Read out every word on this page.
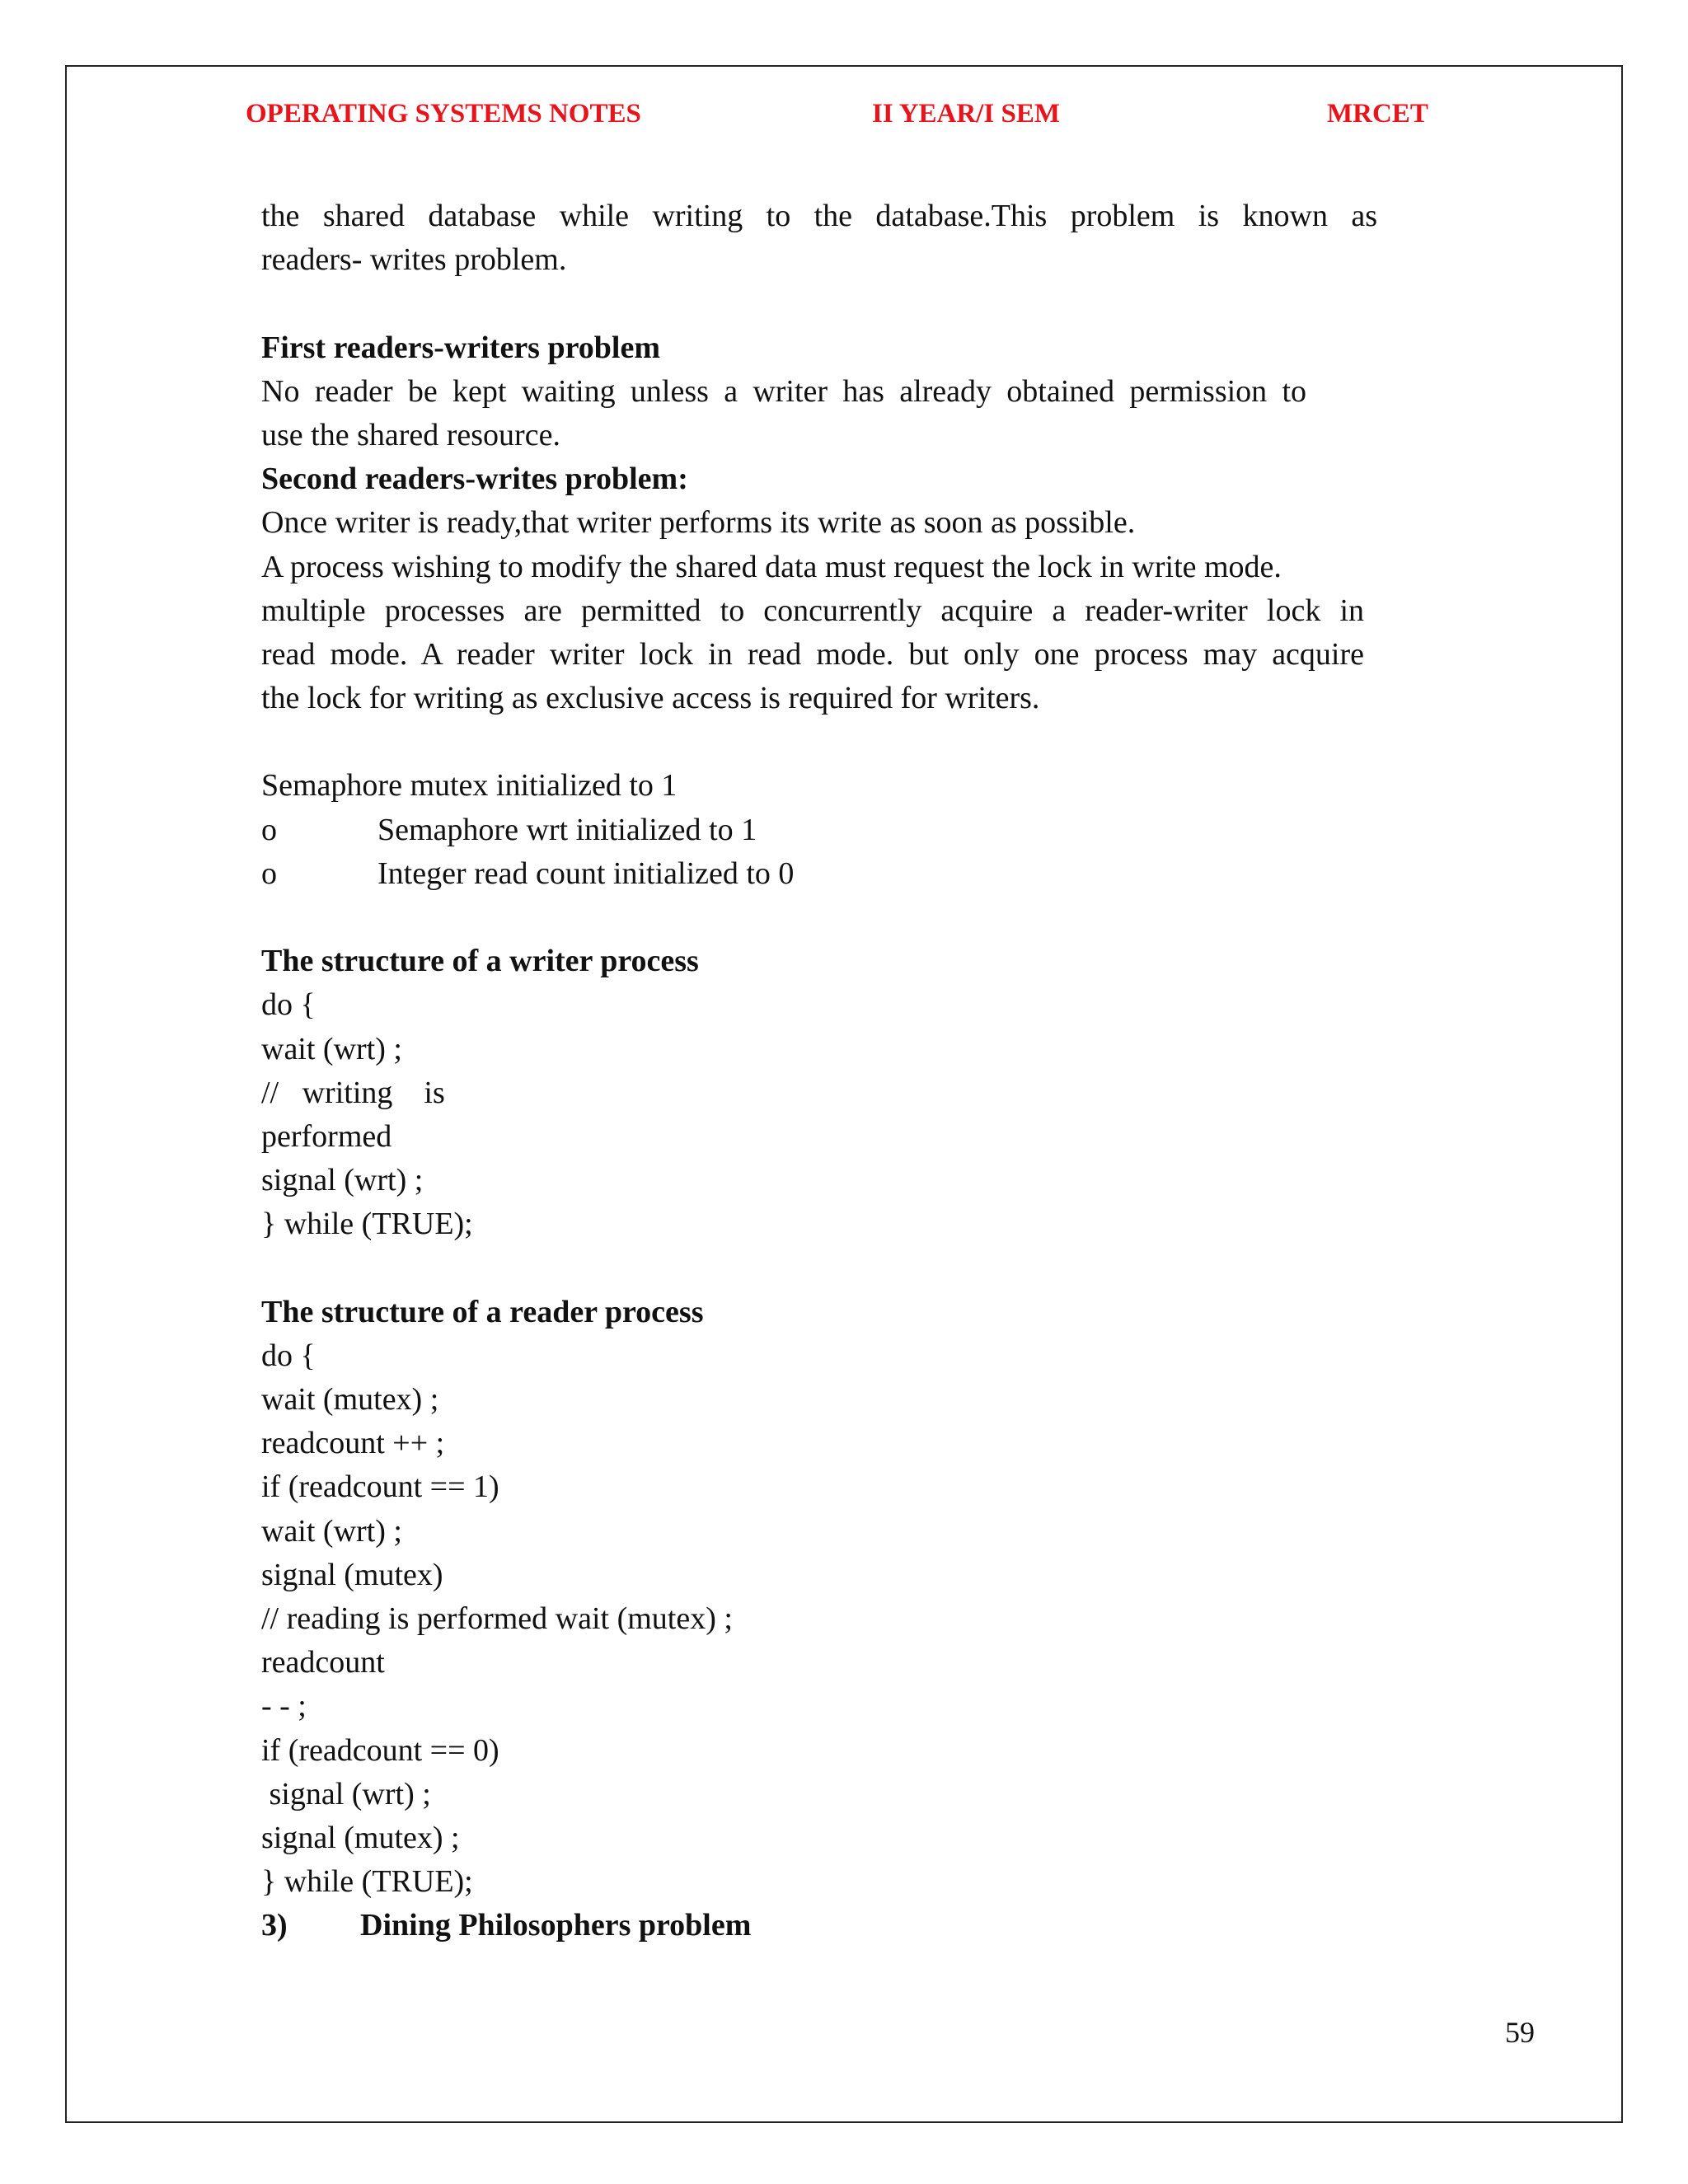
OPERATING SYSTEMS NOTES	II YEAR/I SEM	MRCET
the shared database while writing to the database.This problem is known as
readers- writes problem.
First readers-writers problem
No reader be kept waiting unless a writer has already obtained permission to
use the shared resource.
Second readers-writes problem:
Once writer is ready,that writer performs its write as soon as possible.
A process wishing to modify the shared data must request the lock in write mode.
multiple processes are permitted to concurrently acquire a reader-writer lock in
read mode. A reader writer lock in read mode. but only one process may acquire
the lock for writing as exclusive access is required for writers.
Semaphore mutex initialized to 1
o	Semaphore wrt initialized to 1
o	Integer read count initialized to 0
The structure of a writer process
do {
wait (wrt) ;
//   writing    is
performed
signal (wrt) ;
} while (TRUE);
The structure of a reader process
do {
wait (mutex) ;
readcount ++ ;
if (readcount == 1)
wait (wrt) ;
signal (mutex)
// reading is performed wait (mutex) ;
readcount
- - ;
if (readcount == 0)
signal (wrt) ;
signal (mutex) ;
} while (TRUE);
3) Dining Philosophers problem
59
